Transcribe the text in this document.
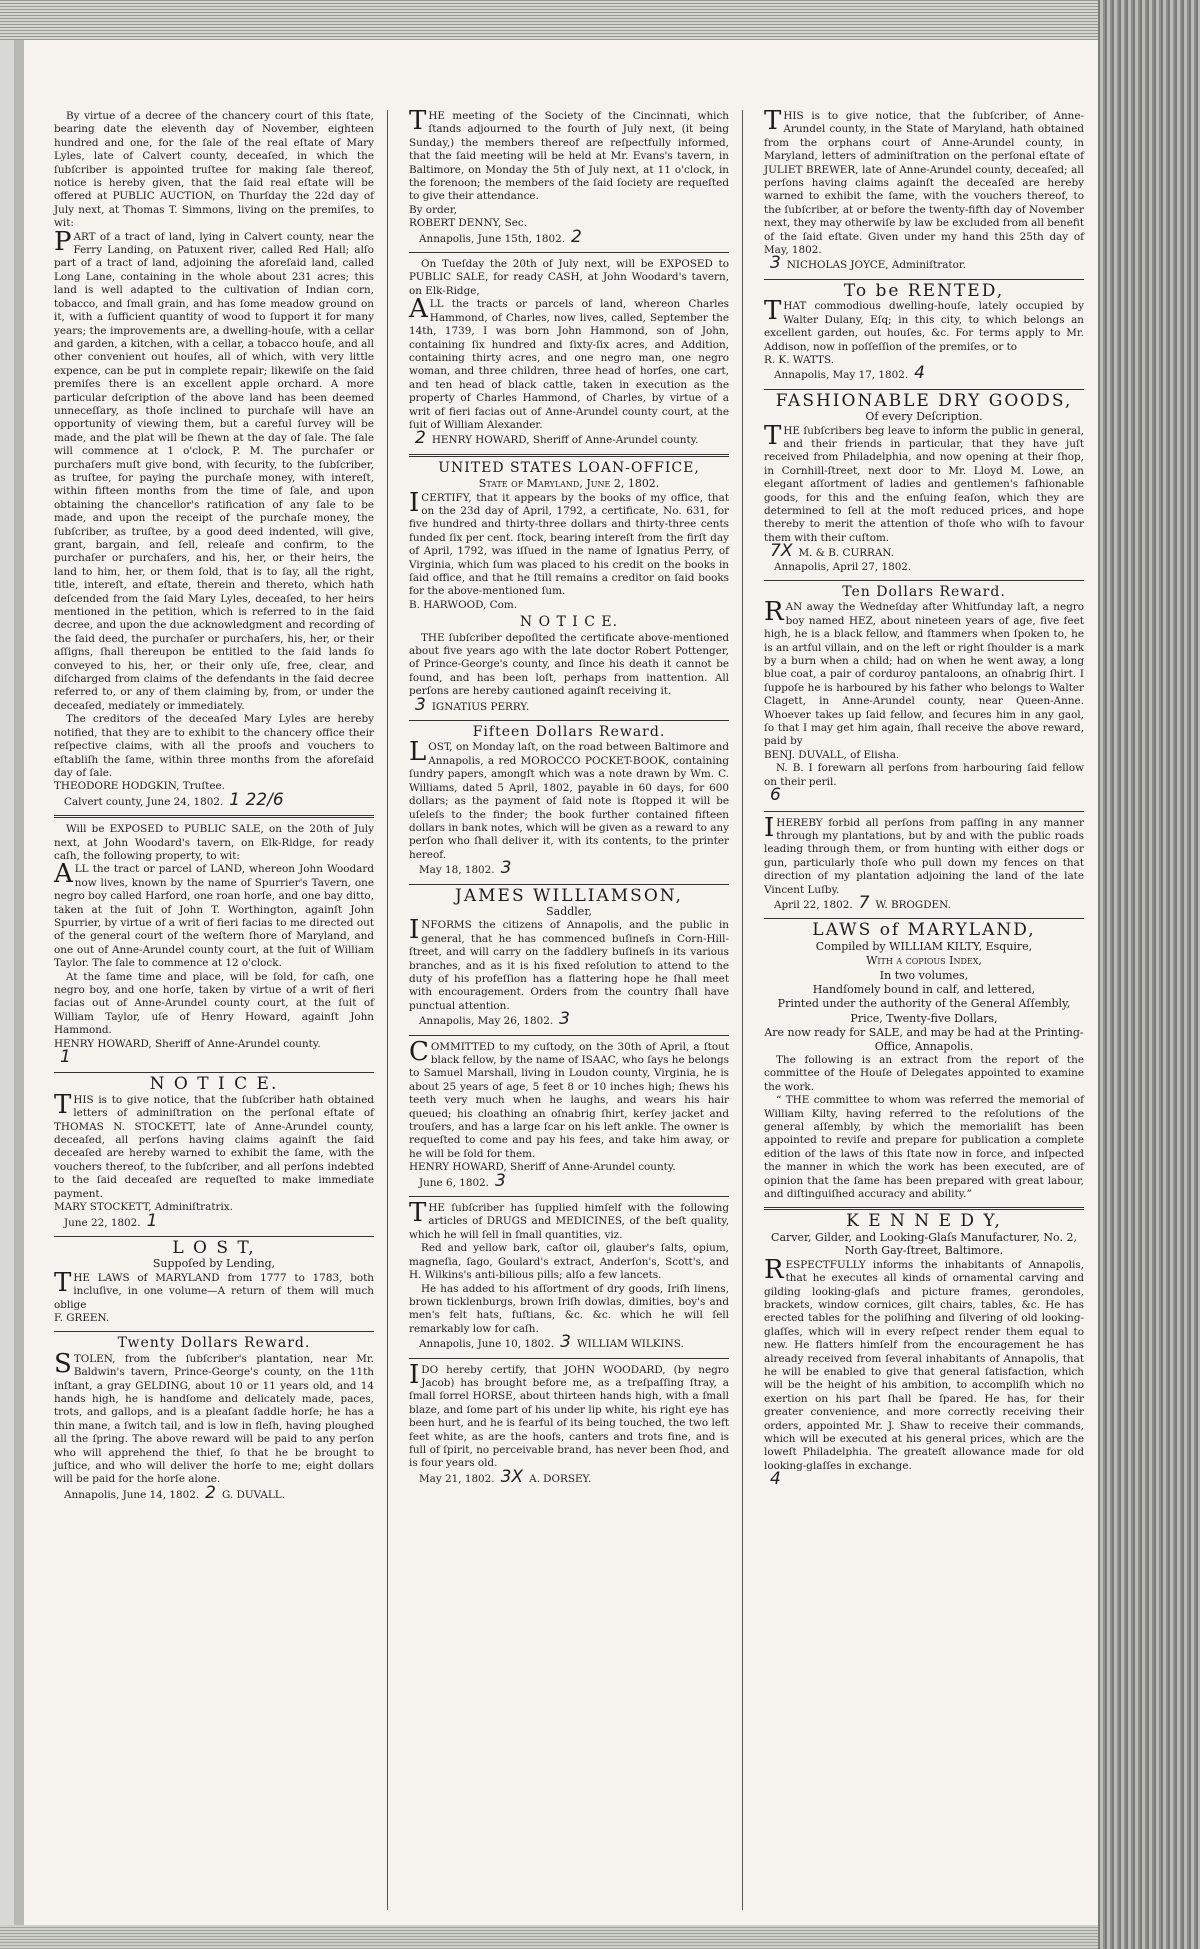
By virtue of a decree of the chancery court of this ſtate, bearing date the eleventh day of November, eighteen hundred and one, for the ſale of the real eſtate of Mary Lyles, late of Calvert county, deceaſed, in which the ſubſcriber is appointed truſtee for making ſale thereof, notice is hereby given, that the ſaid real eſtate will be offered at PUBLIC AUCTION, on Thurſday the 22d day of July next, at Thomas T. Simmons, living on the premiſes, to wit:

PART of a tract of land, lying in Calvert county, near the Ferry Landing, on Patuxent river, called Red Hall; alſo part of a tract of land, adjoining the aforeſaid land, called Long Lane, containing in the whole about 231 acres; this land is well adapted to the cultivation of Indian corn, tobacco, and ſmall grain, and has ſome meadow ground on it, with a ſufficient quantity of wood to ſupport it for many years; the improvements are, a dwelling-houſe, with a cellar and garden, a kitchen, with a cellar, a tobacco houſe, and all other convenient out houſes, all of which, with very little expence, can be put in complete repair; likewiſe on the ſaid premiſes there is an excellent apple orchard. A more particular deſcription of the above land has been deemed unneceſſary, as thoſe inclined to purchaſe will have an opportunity of viewing them, but a careful ſurvey will be made, and the plat will be ſhewn at the day of ſale. The ſale will commence at 1 o'clock, P. M. The purchaſer or purchaſers muſt give bond, with ſecurity, to the ſubſcriber, as truſtee, for paying the purchaſe money, with intereſt, within fifteen months from the time of ſale, and upon obtaining the chancellor's ratification of any ſale to be made, and upon the receipt of the purchaſe money, the ſubſcriber, as truſtee, by a good deed indented, will give, grant, bargain, and ſell, releaſe and confirm, to the purchaſer or purchaſers, and his, her, or their heirs, the land to him, her, or them ſold, that is to ſay, all the right, title, intereſt, and eſtate, therein and thereto, which hath deſcended from the ſaid Mary Lyles, deceaſed, to her heirs mentioned in the petition, which is referred to in the ſaid decree, and upon the due acknowledgment and recording of the ſaid deed, the purchaſer or purchaſers, his, her, or their aſſigns, ſhall thereupon be entitled to the ſaid lands ſo conveyed to his, her, or their only uſe, free, clear, and diſcharged from claims of the defendants in the ſaid decree referred to, or any of them claiming by, from, or under the deceaſed, mediately or immediately.

The creditors of the deceaſed Mary Lyles are hereby notified, that they are to exhibit to the chancery office their reſpective claims, with all the proofs and vouchers to eſtabliſh the ſame, within three months from the aforeſaid day of ſale.

THEODORE HODGKIN, Truſtee.

Calvert county, June 24, 1802. 1 22/6

Will be EXPOSED to PUBLIC SALE, on the 20th of July next, at John Woodard's tavern, on Elk-Ridge, for ready caſh, the following property, to wit:

ALL the tract or parcel of LAND, whereon John Woodard now lives, known by the name of Spurrier's Tavern, one negro boy called Harford, one roan horſe, and one bay ditto, taken at the ſuit of John T. Worthington, againſt John Spurrier, by virtue of a writ of fieri facias to me directed out of the general court of the weſtern ſhore of Maryland, and one out of Anne-Arundel county court, at the ſuit of William Taylor. The ſale to commence at 12 o'clock.

At the ſame time and place, will be ſold, for caſh, one negro boy, and one horſe, taken by virtue of a writ of fieri facias out of Anne-Arundel county court, at the ſuit of William Taylor, uſe of Henry Howard, againſt John Hammond.

HENRY HOWARD, Sheriff of Anne-Arundel county.

1

N O T I C E.

THIS is to give notice, that the ſubſcriber hath obtained letters of adminiſtration on the perſonal eſtate of THOMAS N. STOCKETT, late of Anne-Arundel county, deceaſed, all perſons having claims againſt the ſaid deceaſed are hereby warned to exhibit the ſame, with the vouchers thereof, to the ſubſcriber, and all perſons indebted to the ſaid deceaſed are requeſted to make immediate payment.

MARY STOCKETT, Adminiſtratrix.

June 22, 1802. 1

L O S T,
Suppoſed by Lending,

THE LAWS of MARYLAND from 1777 to 1783, both incluſive, in one volume—A return of them will much oblige

F. GREEN.

Twenty Dollars Reward.

STOLEN, from the ſubſcriber's plantation, near Mr. Baldwin's tavern, Prince-George's county, on the 11th inſtant, a gray GELDING, about 10 or 11 years old, and 14 hands high, he is handſome and delicately made, paces, trots, and gallops, and is a pleaſant ſaddle horſe; he has a thin mane, a ſwitch tail, and is low in fleſh, having ploughed all the ſpring. The above reward will be paid to any perſon who will apprehend the thief, ſo that he be brought to juſtice, and who will deliver the horſe to me; eight dollars will be paid for the horſe alone.

Annapolis, June 14, 1802. 2 G. DUVALL.

THE meeting of the Society of the Cincinnati, which ſtands adjourned to the fourth of July next, (it being Sunday,) the members thereof are reſpectfully informed, that the ſaid meeting will be held at Mr. Evans's tavern, in Baltimore, on Monday the 5th of July next, at 11 o'clock, in the forenoon; the members of the ſaid ſociety are requeſted to give their attendance.

By order,

ROBERT DENNY, Sec.

Annapolis, June 15th, 1802. 2

On Tueſday the 20th of July next, will be EXPOSED to PUBLIC SALE, for ready CASH, at John Woodard's tavern, on Elk-Ridge,

ALL the tracts or parcels of land, whereon Charles Hammond, of Charles, now lives, called, September the 14th, 1739, I was born John Hammond, son of John, containing ſix hundred and ſixty-ſix acres, and Addition, containing thirty acres, and one negro man, one negro woman, and three children, three head of horſes, one cart, and ten head of black cattle, taken in execution as the property of Charles Hammond, of Charles, by virtue of a writ of fieri facias out of Anne-Arundel county court, at the ſuit of William Alexander.

2 HENRY HOWARD, Sheriff of Anne-Arundel county.

UNITED STATES LOAN-OFFICE,
State of Maryland, June 2, 1802.

ICERTIFY, that it appears by the books of my office, that on the 23d day of April, 1792, a certificate, No. 631, for five hundred and thirty-three dollars and thirty-three cents funded ſix per cent. ſtock, bearing intereſt from the firſt day of April, 1792, was iſſued in the name of Ignatius Perry, of Virginia, which ſum was placed to his credit on the books in ſaid office, and that he ſtill remains a creditor on ſaid books for the above-mentioned ſum.

B. HARWOOD, Com.

N O T I C E.

THE ſubſcriber depoſited the certificate above-mentioned about five years ago with the late doctor Robert Pottenger, of Prince-George's county, and ſince his death it cannot be found, and has been loſt, perhaps from inattention. All perſons are hereby cautioned againſt receiving it.

3 IGNATIUS PERRY.

Fifteen Dollars Reward.

LOST, on Monday laſt, on the road between Baltimore and Annapolis, a red MOROCCO POCKET-BOOK, containing ſundry papers, amongſt which was a note drawn by Wm. C. Williams, dated 5 April, 1802, payable in 60 days, for 600 dollars; as the payment of ſaid note is ſtopped it will be uſeleſs to the finder; the book further contained fifteen dollars in bank notes, which will be given as a reward to any perſon who ſhall deliver it, with its contents, to the printer hereof.

May 18, 1802. 3

JAMES WILLIAMSON,
Saddler,

INFORMS the citizens of Annapolis, and the public in general, that he has commenced buſineſs in Corn-Hill-ſtreet, and will carry on the ſaddlery buſineſs in its various branches, and as it is his fixed reſolution to attend to the duty of his profeſſion has a flattering hope he ſhall meet with encouragement. Orders from the country ſhall have punctual attention.

Annapolis, May 26, 1802. 3

COMMITTED to my cuſtody, on the 30th of April, a ſtout black fellow, by the name of ISAAC, who ſays he belongs to Samuel Marshall, living in Loudon county, Virginia, he is about 25 years of age, 5 feet 8 or 10 inches high; ſhews his teeth very much when he laughs, and wears his hair queued; his cloathing an oſnabrig ſhirt, kerſey jacket and trouſers, and has a large ſcar on his left ankle. The owner is requeſted to come and pay his fees, and take him away, or he will be ſold for them.

HENRY HOWARD, Sheriff of Anne-Arundel county.

June 6, 1802. 3

THE ſubſcriber has ſupplied himſelf with the following articles of DRUGS and MEDICINES, of the beſt quality, which he will ſell in ſmall quantities, viz.

Red and yellow bark, caſtor oil, glauber's ſalts, opium, magneſia, ſago, Goulard's extract, Anderſon's, Scott's, and H. Wilkins's anti-bilious pills; alſo a few lancets.

He has added to his aſſortment of dry goods, Iriſh linens, brown ticklenburgs, brown Iriſh dowlas, dimities, boy's and men's felt hats, fuſtians, &c. &c. which he will ſell remarkably low for caſh.

Annapolis, June 10, 1802. 3 WILLIAM WILKINS.

IDO hereby certify, that JOHN WOODARD, (by negro Jacob) has brought before me, as a treſpaſſing ſtray, a ſmall ſorrel HORSE, about thirteen hands high, with a ſmall blaze, and ſome part of his under lip white, his right eye has been hurt, and he is fearful of its being touched, the two left feet white, as are the hoofs, canters and trots fine, and is full of ſpirit, no perceivable brand, has never been ſhod, and is four years old.

May 21, 1802. 3X A. DORSEY.

THIS is to give notice, that the ſubſcriber, of Anne-Arundel county, in the State of Maryland, hath obtained from the orphans court of Anne-Arundel county, in Maryland, letters of adminiſtration on the perſonal eſtate of JULIET BREWER, late of Anne-Arundel county, deceaſed; all perſons having claims againſt the deceaſed are hereby warned to exhibit the ſame, with the vouchers thereof, to the ſubſcriber, at or before the twenty-fifth day of November next, they may otherwiſe by law be excluded from all benefit of the ſaid eſtate. Given under my hand this 25th day of May, 1802.

3 NICHOLAS JOYCE, Adminiſtrator.

To be RENTED,

THAT commodious dwelling-houſe, lately occupied by Walter Dulany, Eſq; in this city, to which belongs an excellent garden, out houſes, &c. For terms apply to Mr. Addison, now in poſſeſſion of the premiſes, or to

R. K. WATTS.

Annapolis, May 17, 1802. 4

FASHIONABLE DRY GOODS,
Of every Deſcription.

THE ſubſcribers beg leave to inform the public in general, and their friends in particular, that they have juſt received from Philadelphia, and now opening at their ſhop, in Cornhill-ſtreet, next door to Mr. Lloyd M. Lowe, an elegant aſſortment of ladies and gentlemen's faſhionable goods, for this and the enſuing ſeaſon, which they are determined to ſell at the moſt reduced prices, and hope thereby to merit the attention of thoſe who wiſh to favour them with their cuſtom.

7X M. & B. CURRAN.

Annapolis, April 27, 1802.

Ten Dollars Reward.

RAN away the Wedneſday after Whitſunday laſt, a negro boy named HEZ, about nineteen years of age, five feet high, he is a black fellow, and ſtammers when ſpoken to, he is an artful villain, and on the left or right ſhoulder is a mark by a burn when a child; had on when he went away, a long blue coat, a pair of corduroy pantaloons, an oſnabrig ſhirt. I ſuppoſe he is harboured by his father who belongs to Walter Clagett, in Anne-Arundel county, near Queen-Anne. Whoever takes up ſaid fellow, and ſecures him in any gaol, ſo that I may get him again, ſhall receive the above reward, paid by

BENJ. DUVALL, of Elisha.

N. B. I forewarn all perſons from harbouring ſaid fellow on their peril.

6

IHEREBY forbid all perſons from paſſing in any manner through my plantations, but by and with the public roads leading through them, or from hunting with either dogs or gun, particularly thoſe who pull down my fences on that direction of my plantation adjoining the land of the late Vincent Luſby.

April 22, 1802. 7 W. BROGDEN.

LAWS of MARYLAND,
Compiled by WILLIAM KILTY, Esquire,
With a copious Index,
In two volumes,
Handſomely bound in calf, and lettered,
Printed under the authority of the General Aſſembly,
Price, Twenty-five Dollars,
Are now ready for SALE, and may be had at the Printing-Office, Annapolis.

The following is an extract from the report of the committee of the Houſe of Delegates appointed to examine the work.

“ THE committee to whom was referred the memorial of William Kilty, having referred to the reſolutions of the general aſſembly, by which the memorialiſt has been appointed to reviſe and prepare for publication a complete edition of the laws of this ſtate now in force, and inſpected the manner in which the work has been executed, are of opinion that the ſame has been prepared with great labour, and diſtinguiſhed accuracy and ability.”

K E N N E D Y,
Carver, Gilder, and Looking-Glaſs Manufacturer, No. 2, North Gay-ſtreet, Baltimore.

RESPECTFULLY informs the inhabitants of Annapolis, that he executes all kinds of ornamental carving and gilding looking-glaſs and picture frames, gerondoles, brackets, window cornices, gilt chairs, tables, &c. He has erected tables for the poliſhing and ſilvering of old looking-glaſſes, which will in every reſpect render them equal to new. He flatters himſelf from the encouragement he has already received from ſeveral inhabitants of Annapolis, that he will be enabled to give that general ſatisfaction, which will be the height of his ambition, to accompliſh which no exertion on his part ſhall be ſpared. He has, for their greater convenience, and more correctly receiving their orders, appointed Mr. J. Shaw to receive their commands, which will be executed at his general prices, which are the loweſt Philadelphia. The greateſt allowance made for old looking-glaſſes in exchange.

4
